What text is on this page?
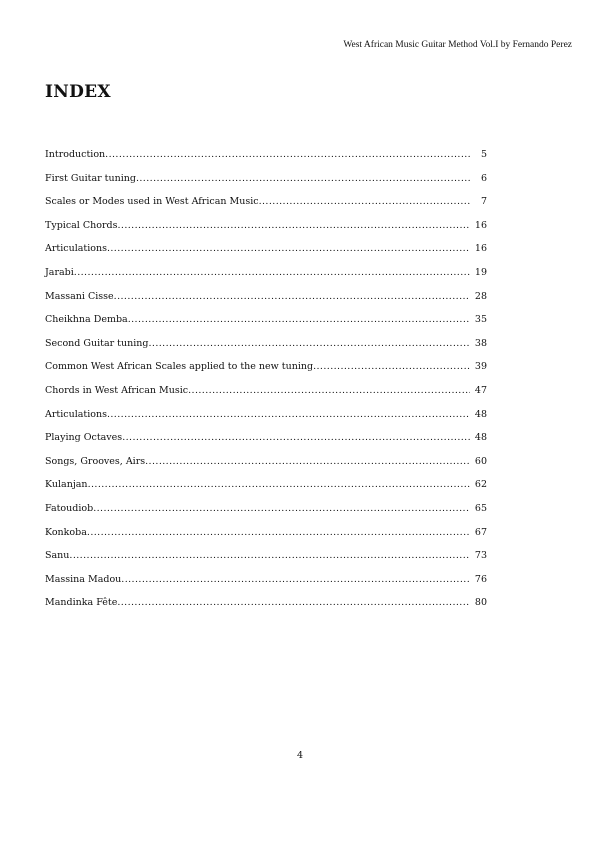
West African Music Guitar Method Vol.I by Fernando Perez
INDEX
Introduction .....	5
First Guitar tuning .....	6
Scales or Modes used in West African Music .....	7
Typical Chords .....	16
Articulations .....	16
Jarabi .....	19
Massani Cisse .....	28
Cheikhna Demba .....	35
Second Guitar tuning .....	38
Common West African Scales applied to the new tuning .....	39
Chords in West African Music .....	47
Articulations .....	48
Playing Octaves .....	48
Songs, Grooves, Airs .....	60
Kulanjan .....	62
Fatoudiob .....	65
Konkoba .....	67
Sanu .....	73
Massina Madou .....	76
Mandinka Fête .....	80
4
